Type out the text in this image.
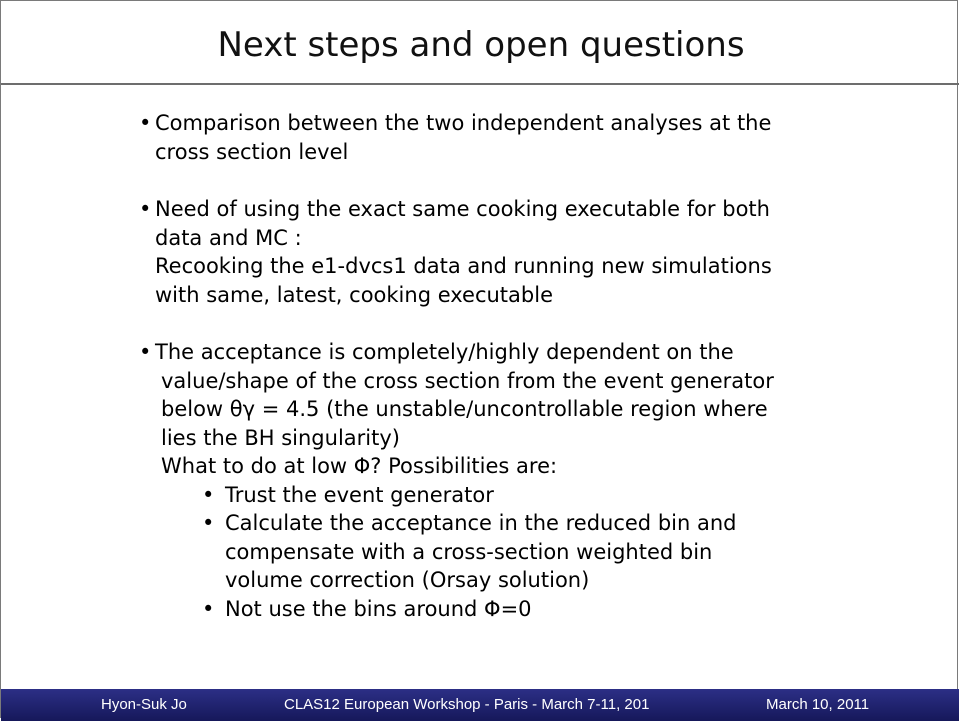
Next steps and open questions
• Comparison between the two independent analyses at the
cross section level
• Need of using the exact same cooking executable for both
data and MC :
Recooking the e1-dvcs1 data and running new simulations
with same, latest, cooking executable
• The acceptance is completely/highly dependent on the
value/shape of the cross section from the event generator
below θγ = 4.5 (the unstable/uncontrollable region where
lies the BH singularity)
What to do at low Φ? Possibilities are:
• Trust the event generator
• Calculate the acceptance in the reduced bin and
compensate with a cross-section weighted bin
volume correction (Orsay solution)
• Not use the bins around Φ=0
Hyon-Suk Jo	CLAS12 European Workshop - Paris - March 7-11, 201	March 10, 2011
